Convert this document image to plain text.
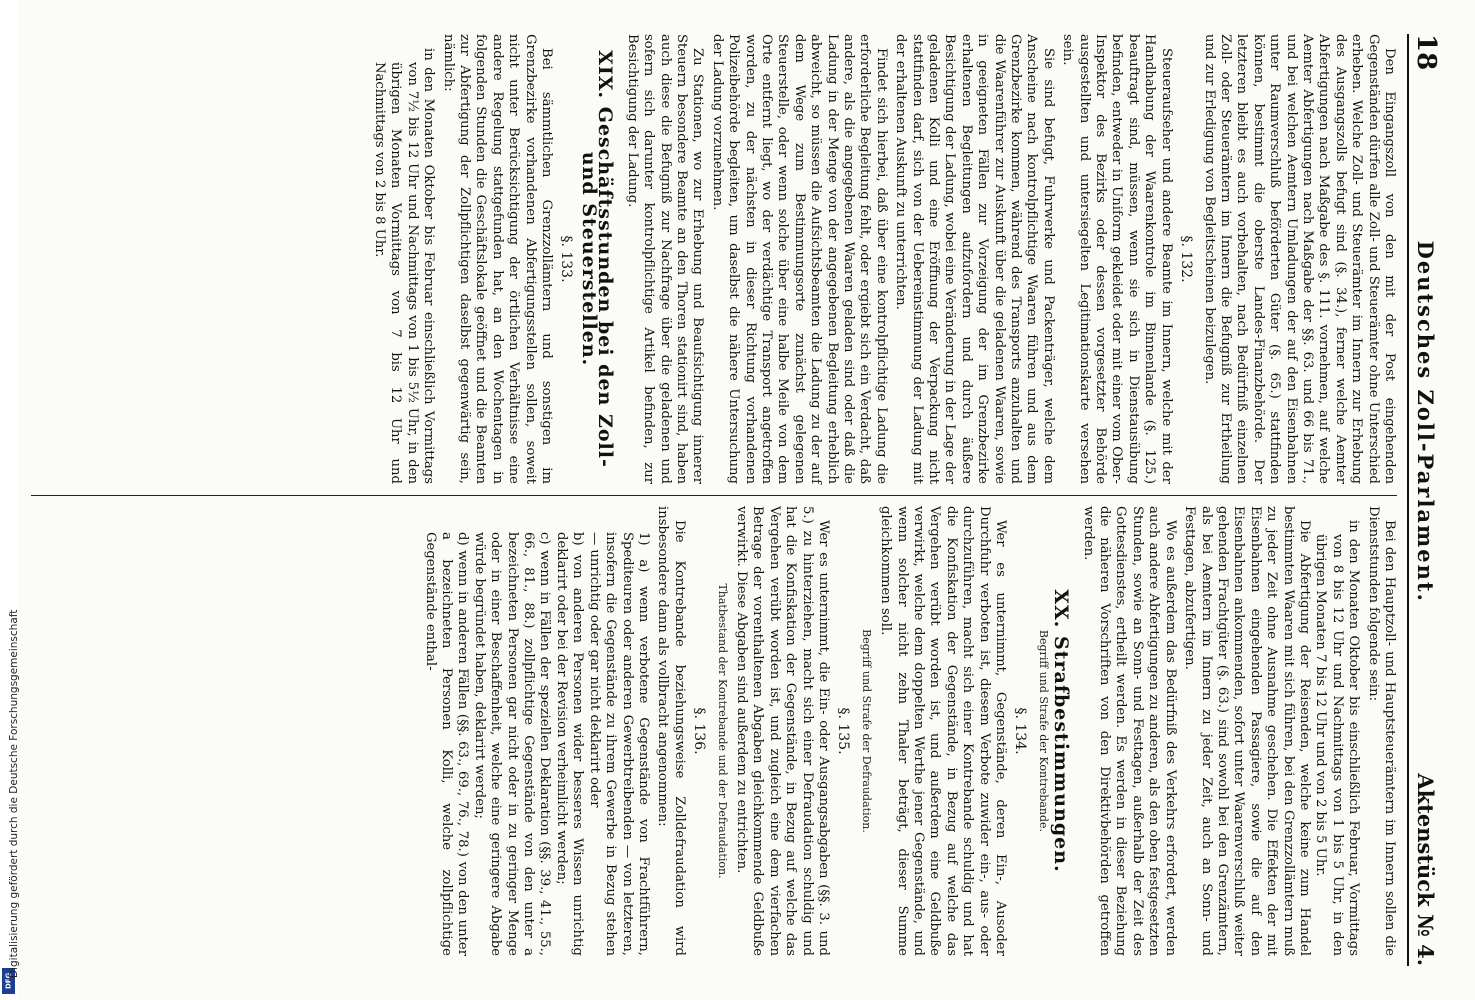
DFG
Digitalisierung gefördert durch die Deutsche Forschungsgemeinschaft
18
Deutsches Zoll-Parlament.
Aktenstück № 4.

Den Eingangszoll von den mit der Post eingehenden Gegenständen dürfen alle Zoll- und Steuerämter ohne Unterschied erheben. Welche Zoll- und Steuerämter im Innern zur Erhebung des Ausgangszolls befugt sind (§. 34.), ferner welche Aemter Abfertigungen nach Maßgabe des §. 111. vornehmen, auf welche Aemter Abfertigungen nach Maßgabe der §§. 63. und 66 bis 71., und bei welchen Aemtern Umladungen der auf den Eisenbahnen unter Raumverschluß beförderten Güter (§. 65.) stattfinden können, bestimmt die oberste Landes-Finanzbehörde. Der letzteren bleibt es auch vorbehalten, nach Bedürfniß einzelnen Zoll- oder Steuerämtern im Innern die Befugniß zur Ertheilung und zur Erledigung von Begleitscheinen beizulegen.

§. 132.

Steueraufseher und andere Beamte im Innern, welche mit der Handhabung der Waarenkontrole im Binnenlande (§. 125.) beauftragt sind, müssen, wenn sie sich in Dienstausübung befinden, entweder in Uniform gekleidet oder mit einer vom Ober-Inspektor des Bezirks oder dessen vorgesetzter Behörde ausgestellten und untersiegelten Legitimationskarte versehen sein.

Sie sind befugt, Fuhrwerke und Packenträger, welche dem Anscheine nach kontrolpflichtige Waaren führen und aus dem Grenzbezirke kommen, während des Transports anzuhalten und die Waarenführer zur Auskunft über die geladenen Waaren, sowie in geeigneten Fällen zur Vorzeigung der im Grenzbezirke erhaltenen Begleitungen aufzufordern und durch äußere Besichtigung der Ladung, wobei eine Veränderung in der Lage der geladenen Kolli und eine Eröffnung der Verpackung nicht stattfinden darf, sich von der Uebereinstimmung der Ladung mit der erhaltenen Auskunft zu unterrichten.

Findet sich hierbei, daß über eine kontrolpflichtige Ladung die erforderliche Begleitung fehlt, oder ergiebt sich ein Verdacht, daß andere, als die angegebenen Waaren geladen sind oder daß die Ladung in der Menge von der angegebenen Begleitung erheblich abweicht, so müssen die Aufsichtsbeamten die Ladung zu der auf dem Wege zum Bestimmungsorte zunächst gelegenen Steuerstelle, oder wenn solche über eine halbe Meile von dem Orte entfernt liegt, wo der verdächtige Transport angetroffen worden, zu der nächsten in dieser Richtung vorhandenen Polizeibehörde begleiten, um daselbst die nähere Untersuchung der Ladung vorzunehmen.

Zu Stationen, wo zur Erhebung und Beaufsichtigung innerer Steuern besondere Beamte an den Thoren stationirt sind, haben auch diese die Befugniß zur Nachfrage über die geladenen und sofern sich darunter kontrolpflichtige Artikel befinden, zur Besichtigung der Ladung.

XIX. Geschäftsstunden bei den Zoll- und Steuerstellen.
§. 133.

Bei sämmtlichen Grenzzollämtern und sonstigen im Grenzbezirke vorhandenen Abfertigungsstellen sollen, soweit nicht unter Berücksichtigung der örtlichen Verhältnisse eine andere Regelung stattgefunden hat, an den Wochentagen in folgenden Stunden die Geschäftslokale geöffnet und die Beamten zur Abfertigung der Zollpflichtigen daselbst gegenwärtig sein, nämlich:

in den Monaten Oktober bis Februar einschließlich Vormittags von 7½ bis 12 Uhr und Nachmittags von 1 bis 5½ Uhr, in den übrigen Monaten Vormittags von 7 bis 12 Uhr und Nachmittags von 2 bis 8 Uhr.

Bei den Hauptzoll- und Hauptsteuerämtern im Innern sollen die Dienststunden folgende sein:

in den Monaten Oktober bis einschließlich Februar, Vormittags von 8 bis 12 Uhr und Nachmittags von 1 bis 5 Uhr, in den übrigen Monaten 7 bis 12 Uhr und von 2 bis 5 Uhr.

Die Abfertigung der Reisenden, welche keine zum Handel bestimmten Waaren mit sich führen, bei den Grenzzollämtern muß zu jeder Zeit ohne Ausnahme geschehen. Die Effekten der mit Eisenbahnen eingehenden Passagiere, sowie die auf den Eisenbahnen ankommenden, sofort unter Waarenverschluß weiter gehenden Frachtgüter (§. 63.) sind sowohl bei den Grenzämtern, als bei Aemtern im Innern zu jeder Zeit, auch an Sonn- und Festtagen, abzufertigen.

Wo es außerdem das Bedürfniß des Verkehrs erfordert, werden auch andere Abfertigungen zu anderen, als den oben festgesetzten Stunden, sowie an Sonn- und Festtagen, außerhalb der Zeit des Gottesdienstes, ertheilt werden. Es werden in dieser Beziehung die näheren Vorschriften von den Direktivbehörden getroffen werden.

XX. Strafbestimmungen.
Begriff und Strafe der Kontrebande.
§. 134.

Wer es unternimmt, Gegenstände, deren Ein-, Ausoder Durchfuhr verboten ist, diesem Verbote zuwider ein-, aus- oder durchzuführen, macht sich einer Kontrebande schuldig und hat die Konfiskation der Gegenstände, in Bezug auf welche das Vergehen verübt worden ist, und außerdem eine Geldbuße verwirkt, welche dem doppelten Werthe jener Gegenstände, und wenn solcher nicht zehn Thaler beträgt, dieser Summe gleichkommen soll.

Begriff und Strafe der Defraudation.
§. 135.

Wer es unternimmt, die Ein- oder Ausgangsabgaben (§§. 3. und 5.) zu hinterziehen, macht sich einer Defraudation schuldig und hat die Konfiskation der Gegenstände, in Bezug auf welche das Vergehen verübt worden ist, und zugleich eine dem vierfachen Betrage der vorenthaltenen Abgaben gleichkommende Geldbuße verwirkt. Diese Abgaben sind außerdem zu entrichten.

Thatbestand der Kontrebande und der Defraudation.
§. 136.

Die Kontrebande beziehungsweise Zolldefraudation wird insbesondere dann als vollbracht angenommen:

1) a) wenn verbotene Gegenstände von Frachtführern, Spediteuren oder anderen Gewerbtreibenden — von letzteren, insofern die Gegenstände zu ihrem Gewerbe in Bezug stehen — unrichtig oder gar nicht deklarirt oder

b) von anderen Personen wider besseres Wissen unrichtig deklarirt oder bei der Revision verheimlicht werden;

c) wenn in Fällen der speziellen Deklaration (§§. 39., 41., 55., 66., 81., 88.) zollpflichtige Gegenstände von den unter a bezeichneten Personen gar nicht oder in zu geringer Menge oder in einer Beschaffenheit, welche eine geringere Abgabe würde begründet haben, deklarirt werden;

d) wenn in anderen Fällen (§§. 63., 69., 76., 78.) von den unter a bezeichneten Personen Kolli, welche zollpflichtige Gegenstände enthal-
